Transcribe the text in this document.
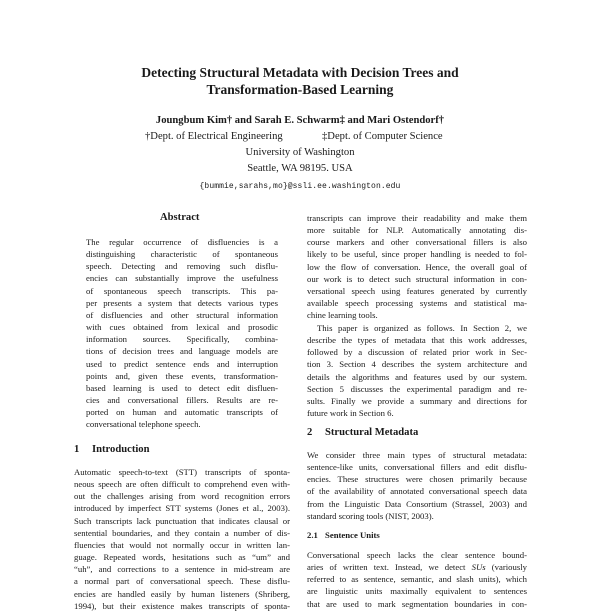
Detecting Structural Metadata with Decision Trees and
Transformation-Based Learning
Joungbum Kim† and Sarah E. Schwarm‡ and Mari Ostendorf†
†Dept. of Electrical Engineering	‡Dept. of Computer Science
University of Washington
Seattle, WA 98195. USA
{bummie,sarahs,mo}@ssli.ee.washington.edu
Abstract
The regular occurrence of disfluencies is a
distinguishing characteristic of spontaneous
speech. Detecting and removing such disflu-
encies can substantially improve the usefulness
of spontaneous speech transcripts. This pa-
per presents a system that detects various types
of disfluencies and other structural information
with cues obtained from lexical and prosodic
information sources. Specifically, combina-
tions of decision trees and language models are
used to predict sentence ends and interruption
points and, given these events, transformation-
based learning is used to detect edit disfluen-
cies and conversational fillers. Results are re-
ported on human and automatic transcripts of
conversational telephone speech.
1 Introduction
Automatic speech-to-text (STT) transcripts of sponta-
neous speech are often difficult to comprehend even with-
out the challenges arising from word recognition errors
introduced by imperfect STT systems (Jones et al., 2003).
Such transcripts lack punctuation that indicates clausal or
sentential boundaries, and they contain a number of dis-
fluencies that would not normally occur in written lan-
guage. Repeated words, hesitations such as “um” and
“uh”, and corrections to a sentence in mid-stream are
a normal part of conversational speech. These disflu-
encies are handled easily by human listeners (Shriberg,
1994), but their existence makes transcripts of sponta-
transcripts can improve their readability and make them
more suitable for NLP. Automatically annotating dis-
course markers and other conversational fillers is also
likely to be useful, since proper handling is needed to fol-
low the flow of conversation. Hence, the overall goal of
our work is to detect such structural information in con-
versational speech using features generated by currently
available speech processing systems and statistical ma-
chine learning tools.
This paper is organized as follows. In Section 2, we
describe the types of metadata that this work addresses,
followed by a discussion of related prior work in Sec-
tion 3. Section 4 describes the system architecture and
details the algorithms and features used by our system.
Section 5 discusses the experimental paradigm and re-
sults. Finally we provide a summary and directions for
future work in Section 6.
2 Structural Metadata
We consider three main types of structural metadata:
sentence-like units, conversational fillers and edit disflu-
encies. These structures were chosen primarily because
of the availability of annotated conversational speech data
from the Linguistic Data Consortium (Strassel, 2003) and
standard scoring tools (NIST, 2003).
2.1 Sentence Units
Conversational speech lacks the clear sentence bound-
aries of written text. Instead, we detect SUs (variously
referred to as sentence, semantic, and slash units), which
are linguistic units maximally equivalent to sentences
that are used to mark segmentation boundaries in con-
